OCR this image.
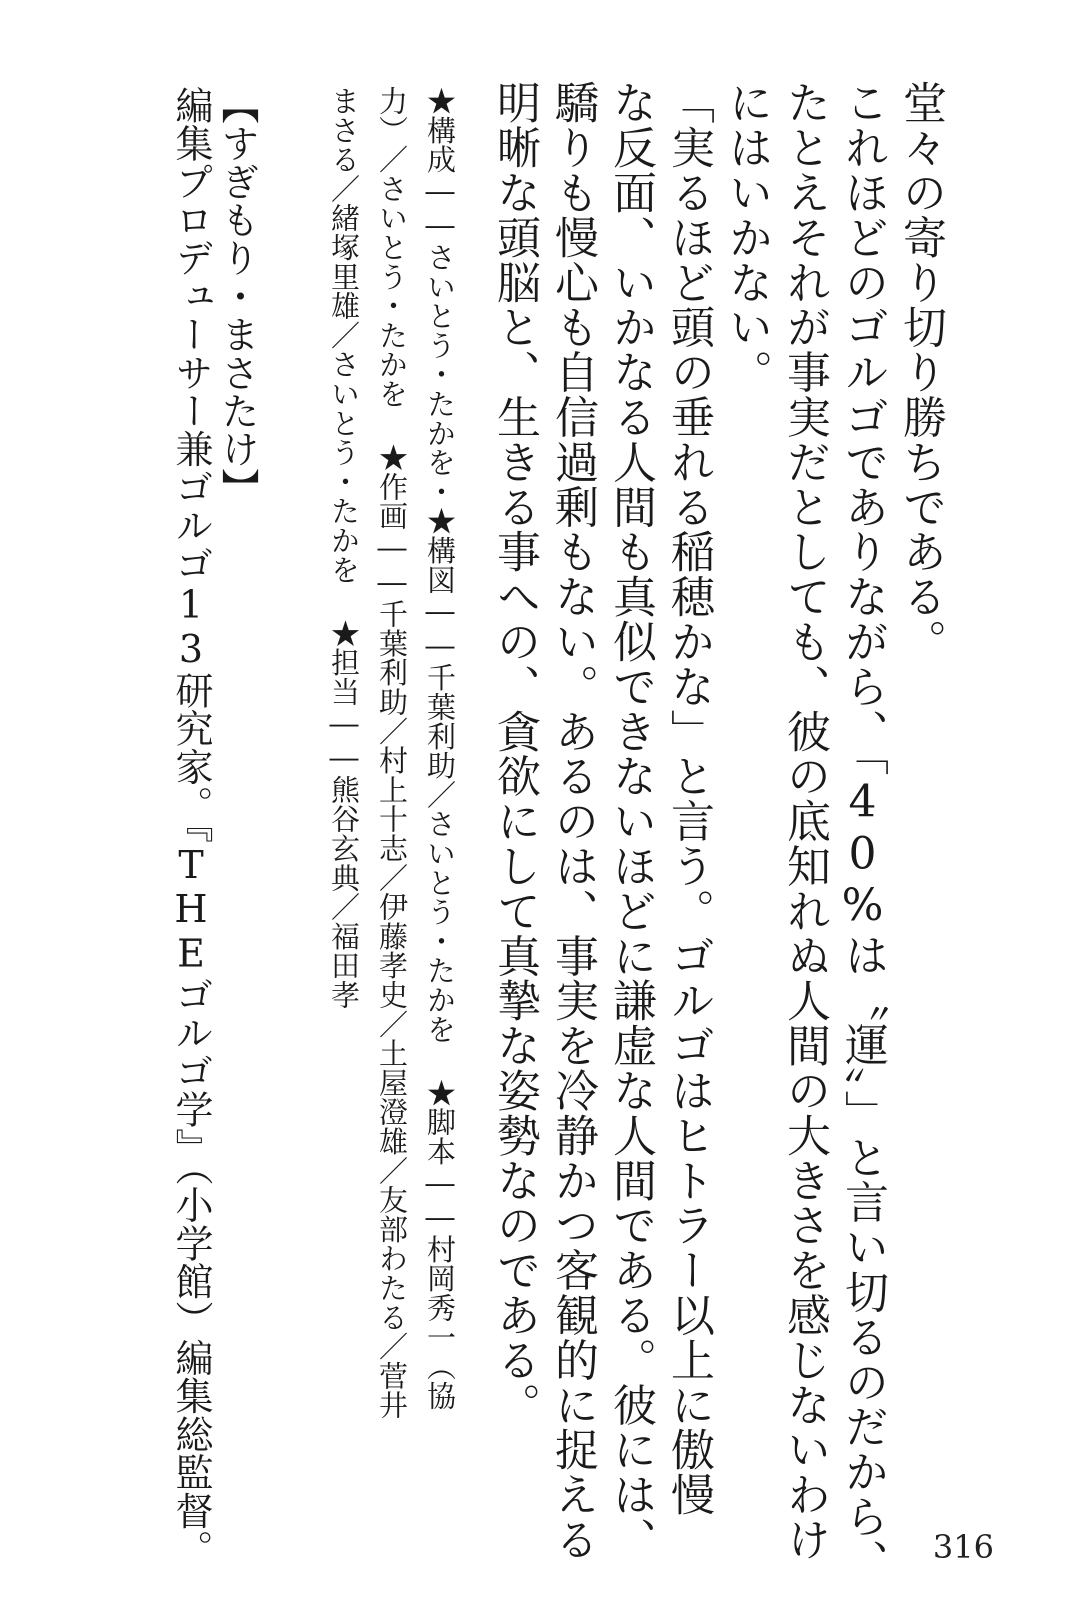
堂々の寄り切り勝ちである。
これほどのゴルゴでありながら、「40%は〝運〟」と言い切るのだから、
たとえそれが事実だとしても、彼の底知れぬ人間の大きさを感じないわけ
にはいかない。
「実るほど頭の垂れる稲穂かな」と言う。ゴルゴはヒトラー以上に傲慢
な反面、いかなる人間も真似できないほどに謙虚な人間である。彼には、
驕りも慢心も自信過剰もない。あるのは、事実を冷静かつ客観的に捉える
明晰な頭脳と、生きる事への、貪欲にして真摯な姿勢なのである。
★構成――さいとう・たかを・★構図――千葉利助／さいとう・たかを ★脚本――村岡秀一（協
力）／さいとう・たかを ★作画――千葉利助／村上十志／伊藤孝史／土屋澄雄／友部わたる／菅井
まさる／緒塚里雄／さいとう・たかを ★担当――熊谷玄典／福田孝
【すぎもり・まさたけ】
編集プロデューサー兼ゴルゴ13研究家。『THEゴルゴ学』（小学館）編集総監督。	316
